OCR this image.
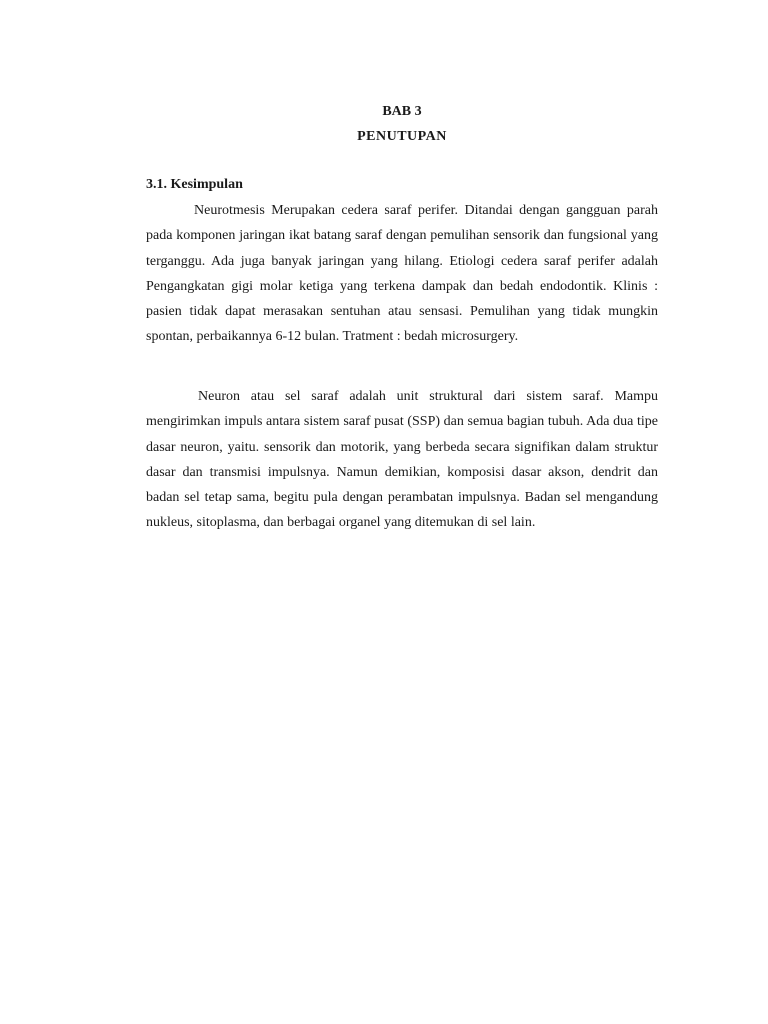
BAB 3
PENUTUPAN
3.1. Kesimpulan

Neurotmesis Merupakan cedera saraf perifer. Ditandai dengan gangguan parah pada komponen jaringan ikat batang saraf dengan pemulihan sensorik dan fungsional yang terganggu. Ada juga banyak jaringan yang hilang. Etiologi cedera saraf perifer adalah Pengangkatan gigi molar ketiga yang terkena dampak dan bedah endodontik. Klinis : pasien tidak dapat merasakan sentuhan atau sensasi. Pemulihan yang tidak mungkin spontan, perbaikannya 6-12 bulan. Tratment : bedah microsurgery.

Neuron atau sel saraf adalah unit struktural dari sistem saraf. Mampu mengirimkan impuls antara sistem saraf pusat (SSP) dan semua bagian tubuh. Ada dua tipe dasar neuron, yaitu. sensorik dan motorik, yang berbeda secara signifikan dalam struktur dasar dan transmisi impulsnya. Namun demikian, komposisi dasar akson, dendrit dan badan sel tetap sama, begitu pula dengan perambatan impulsnya. Badan sel mengandung nukleus, sitoplasma, dan berbagai organel yang ditemukan di sel lain.
